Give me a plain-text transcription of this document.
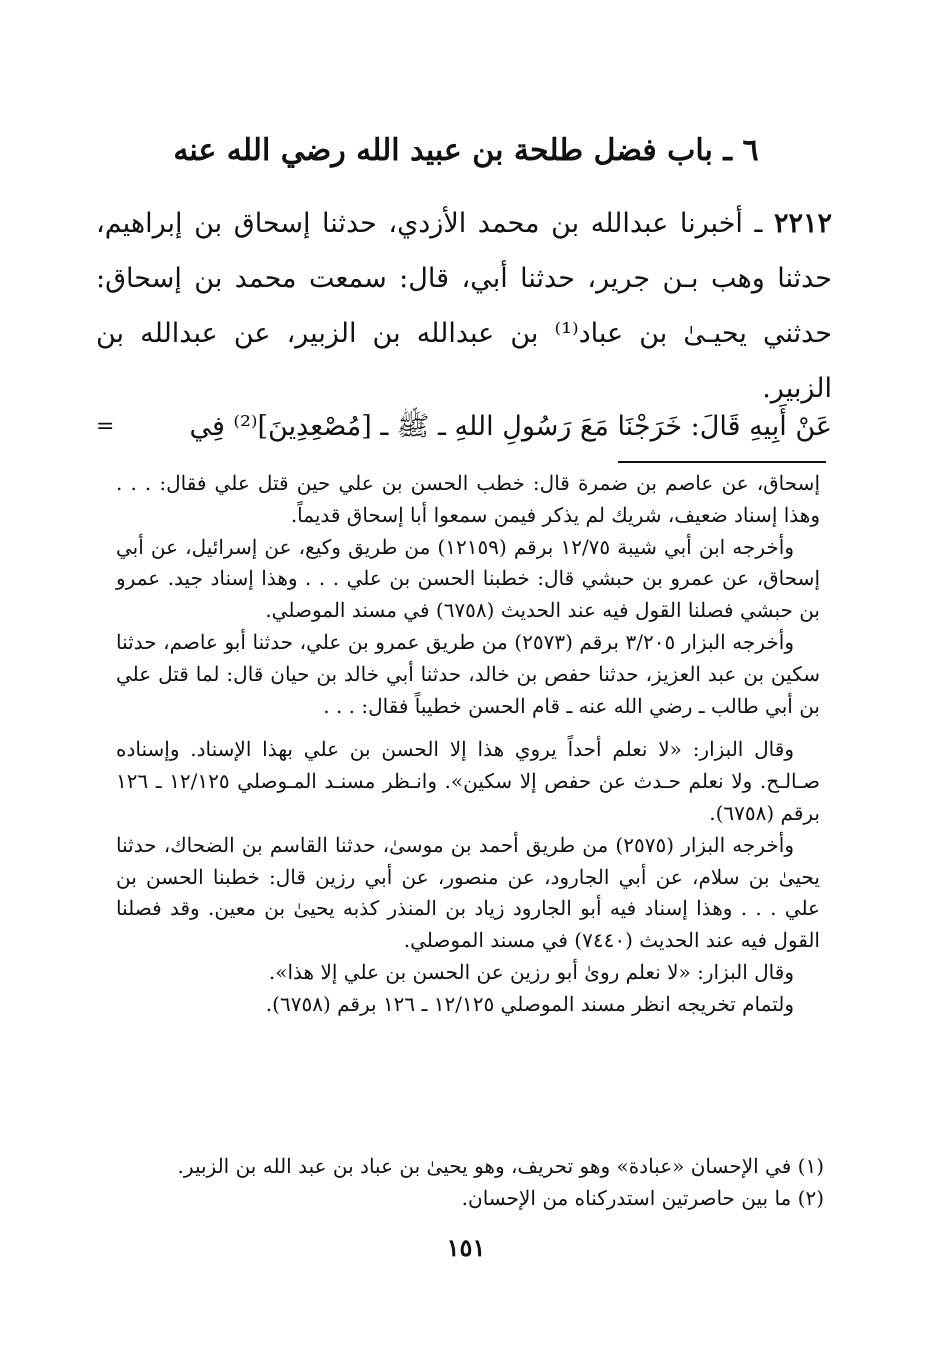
٦ ـ باب فضل طلحة بن عبيد الله رضي الله عنه

٢٢١٢ ـ أخبرنا عبدالله بن محمد الأزدي، حدثنا إسحاق بن إبراهيم، حدثنا وهب بـن جرير، حدثنا أبي، قال: سمعت محمد بن إسحاق: حدثني يحيـىٰ بن عباد⁽¹⁾ بن عبدالله بن الزبير، عن عبدالله بن الزبير.

عَنْ أَبِيهِ قَالَ: خَرَجْنَا مَعَ رَسُولِ اللهِ ـ ﷺ ـ [مُصْعِدِينَ]⁽²⁾ فِي
=

إسحاق، عن عاصم بن ضمرة قال: خطب الحسن بن علي حين قتل علي فقال: . . . وهذا إسناد ضعيف، شريك لم يذكر فيمن سمعوا أبا إسحاق قديماً.

وأخرجه ابن أبي شيبة ١٢/٧٥ برقم (١٢١٥٩) من طريق وكيع، عن إسرائيل، عن أبي إسحاق، عن عمرو بن حبشي قال: خطبنا الحسن بن علي . . . وهذا إسناد جيد. عمرو بن حبشي فصلنا القول فيه عند الحديث (٦٧٥٨) في مسند الموصلي.

وأخرجه البزار ٣/٢٠٥ برقم (٢٥٧٣) من طريق عمرو بن علي، حدثنا أبو عاصم، حدثنا سكين بن عبد العزيز، حدثنا حفص بن خالد، حدثنا أبي خالد بن حيان قال: لما قتل علي بن أبي طالب ـ رضي الله عنه ـ قام الحسن خطيباً فقال: . . .

وقال البزار: «لا نعلم أحداً يروي هذا إلا الحسن بن علي بهذا الإسناد. وإسناده صـالـح. ولا نعلم حـدث عن حفص إلا سكين». وانـظر مسنـد المـوصلي ١٢/١٢٥ ـ ١٢٦ برقم (٦٧٥٨).

وأخرجه البزار (٢٥٧٥) من طريق أحمد بن موسىٰ، حدثنا القاسم بن الضحاك، حدثنا يحيىٰ بن سلام، عن أبي الجارود، عن منصور، عن أبي رزين قال: خطبنا الحسن بن علي . . . وهذا إسناد فيه أبو الجارود زياد بن المنذر كذبه يحيىٰ بن معين. وقد فصلنا القول فيه عند الحديث (٧٤٤٠) في مسند الموصلي.

وقال البزار: «لا نعلم روىٰ أبو رزين عن الحسن بن علي إلا هذا».

ولتمام تخريجه انظر مسند الموصلي ١٢/١٢٥ ـ ١٢٦ برقم (٦٧٥٨).

(١) في الإحسان «عبادة» وهو تحريف، وهو يحيىٰ بن عباد بن عبد الله بن الزبير.

(٢) ما بين حاصرتين استدركناه من الإحسان.

١٥١
